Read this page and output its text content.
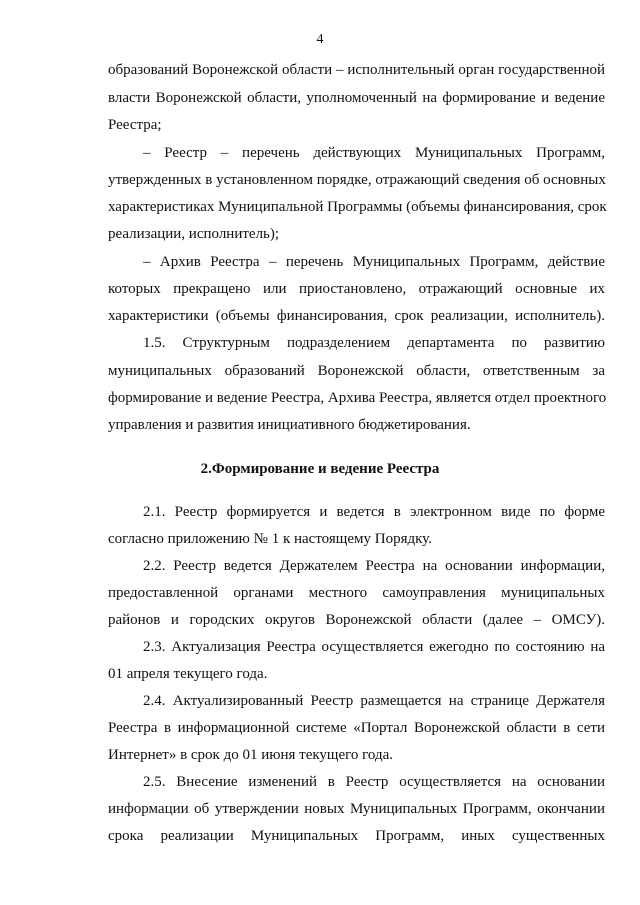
4
образований Воронежской области – исполнительный орган государственной
власти Воронежской области, уполномоченный на формирование и ведение
Реестра;
– Реестр – перечень действующих Муниципальных Программ,
утвержденных в установленном порядке, отражающий сведения об основных
характеристиках Муниципальной Программы (объемы финансирования, срок
реализации, исполнитель);
– Архив Реестра – перечень Муниципальных Программ, действие
которых прекращено или приостановлено, отражающий основные их
характеристики (объемы финансирования, срок реализации, исполнитель).
1.5. Структурным подразделением департамента по развитию
муниципальных образований Воронежской области, ответственным за
формирование и ведение Реестра, Архива Реестра, является отдел проектного
управления и развития инициативного бюджетирования.
2.Формирование и ведение Реестра
2.1. Реестр формируется и ведется в электронном виде по форме
согласно приложению № 1 к настоящему Порядку.
2.2. Реестр ведется Держателем Реестра на основании информации,
предоставленной органами местного самоуправления муниципальных
районов и городских округов Воронежской области (далее – ОМСУ).
2.3. Актуализация Реестра осуществляется ежегодно по состоянию на
01 апреля текущего года.
2.4. Актуализированный Реестр размещается на странице Держателя
Реестра в информационной системе «Портал Воронежской области в сети
Интернет» в срок до 01 июня текущего года.
2.5. Внесение изменений в Реестр осуществляется на основании
информации об утверждении новых Муниципальных Программ, окончании
срока реализации Муниципальных Программ, иных существенных
